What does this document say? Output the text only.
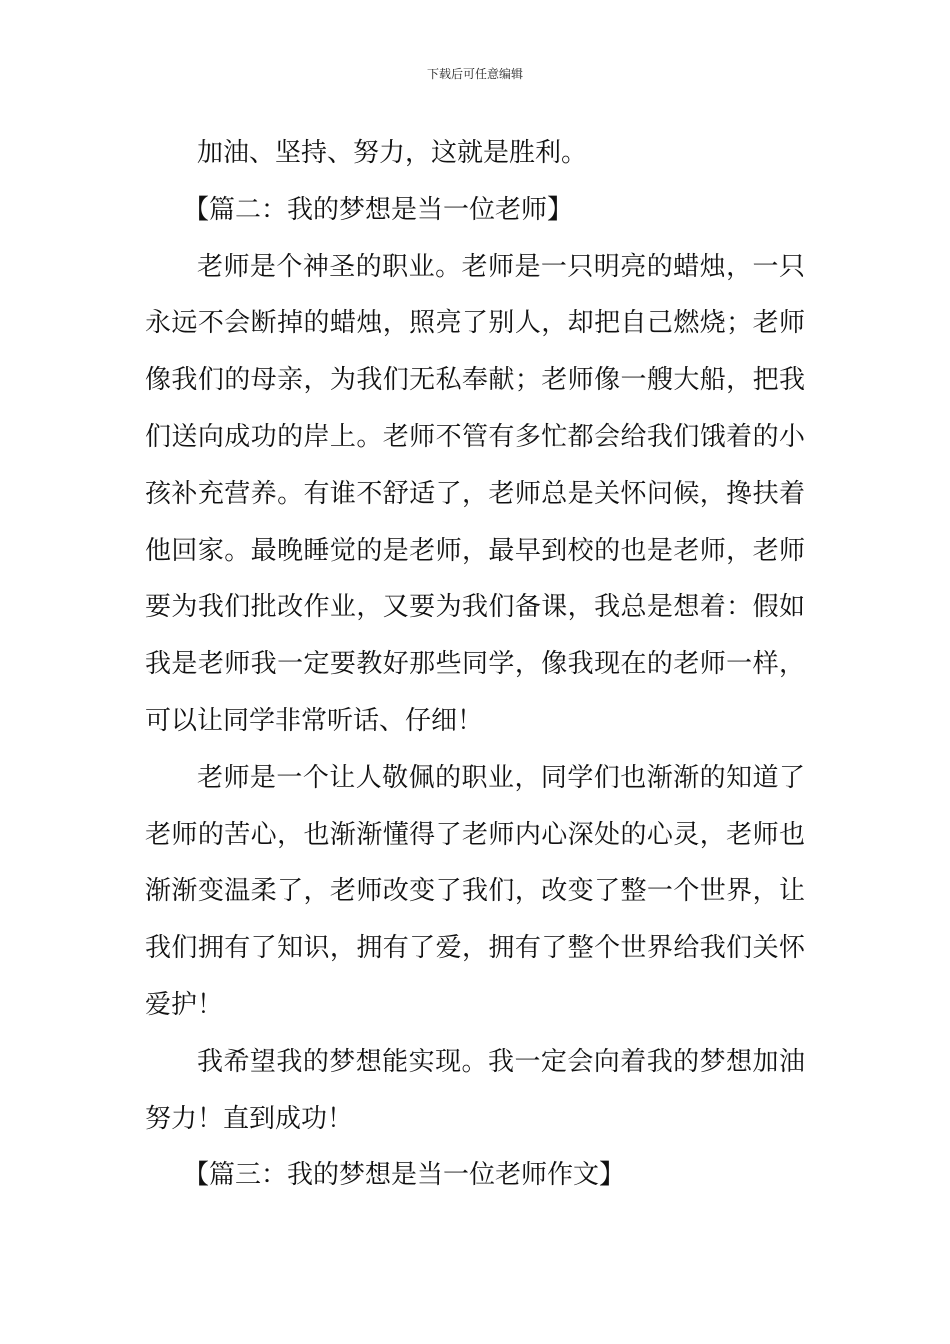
下载后可任意编辑

加油、坚持、努力，这就是胜利。

【篇二：我的梦想是当一位老师】

老师是个神圣的职业。老师是一只明亮的蜡烛，一只永远不会断掉的蜡烛，照亮了别人，却把自己燃烧；老师像我们的母亲，为我们无私奉献；老师像一艘大船，把我们送向成功的岸上。老师不管有多忙都会给我们饿着的小孩补充营养。有谁不舒适了，老师总是关怀问候，搀扶着他回家。最晚睡觉的是老师，最早到校的也是老师，老师要为我们批改作业，又要为我们备课，我总是想着：假如我是老师我一定要教好那些同学，像我现在的老师一样，可以让同学非常听话、仔细！

老师是一个让人敬佩的职业，同学们也渐渐的知道了老师的苦心，也渐渐懂得了老师内心深处的心灵，老师也渐渐变温柔了，老师改变了我们，改变了整一个世界，让我们拥有了知识，拥有了爱，拥有了整个世界给我们关怀爱护！

我希望我的梦想能实现。我一定会向着我的梦想加油努力！直到成功！

【篇三：我的梦想是当一位老师作文】
